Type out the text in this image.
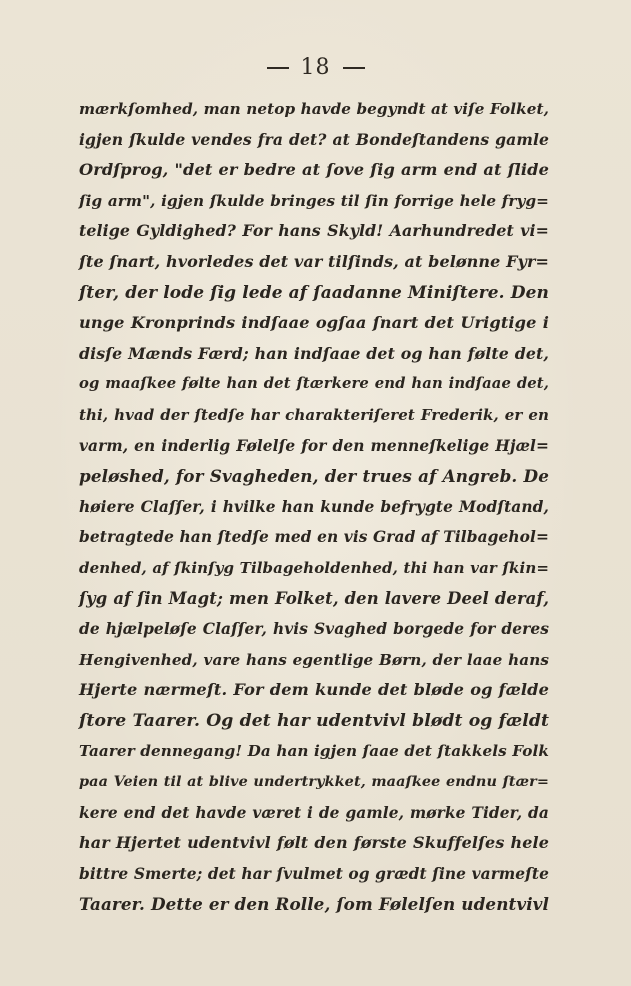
18
mærkſomhed, man netop havde begyndt at viſe Folket,
igjen ſkulde vendes fra det? at Bondeſtandens gamle
Ordſprog, "det er bedre at ſove ſig arm end at ſlide
ſig arm", igjen ſkulde bringes til ſin forrige hele fryg=
telige Gyldighed? For hans Skyld! Aarhundredet vi=
ſte ſnart, hvorledes det var tilſinds, at belønne Fyr=
ſter, der lode ſig lede af ſaadanne Miniſtere. Den
unge Kronprinds indſaae ogſaa ſnart det Urigtige i
disſe Mænds Færd; han indſaae det og han følte det,
og maaſkee følte han det ſtærkere end han indſaae det,
thi, hvad der ſtedſe har charakteriſeret Frederik, er en
varm, en inderlig Følelſe for den menneſkelige Hjæl=
peløshed, for Svagheden, der trues af Angreb. De
høiere Claſſer, i hvilke han kunde befrygte Modſtand,
betragtede han ſtedſe med en vis Grad af Tilbagehol=
denhed, af ſkinſyg Tilbageholdenhed, thi han var ſkin=
ſyg af ſin Magt; men Folket, den lavere Deel deraf,
de hjælpeløſe Claſſer, hvis Svaghed borgede for deres
Hengivenhed, vare hans egentlige Børn, der laae hans
Hjerte nærmeſt. For dem kunde det bløde og fælde
ſtore Taarer. Og det har udentvivl blødt og fældt
Taarer dennegang! Da han igjen ſaae det ſtakkels Folk
paa Veien til at blive undertrykket, maaſkee endnu ſtær=
kere end det havde været i de gamle, mørke Tider, da
har Hjertet udentvivl følt den første Skuffelſes hele
bittre Smerte; det har ſvulmet og grædt ſine varmeſte
Taarer. Dette er den Rolle, ſom Følelſen udentvivl
